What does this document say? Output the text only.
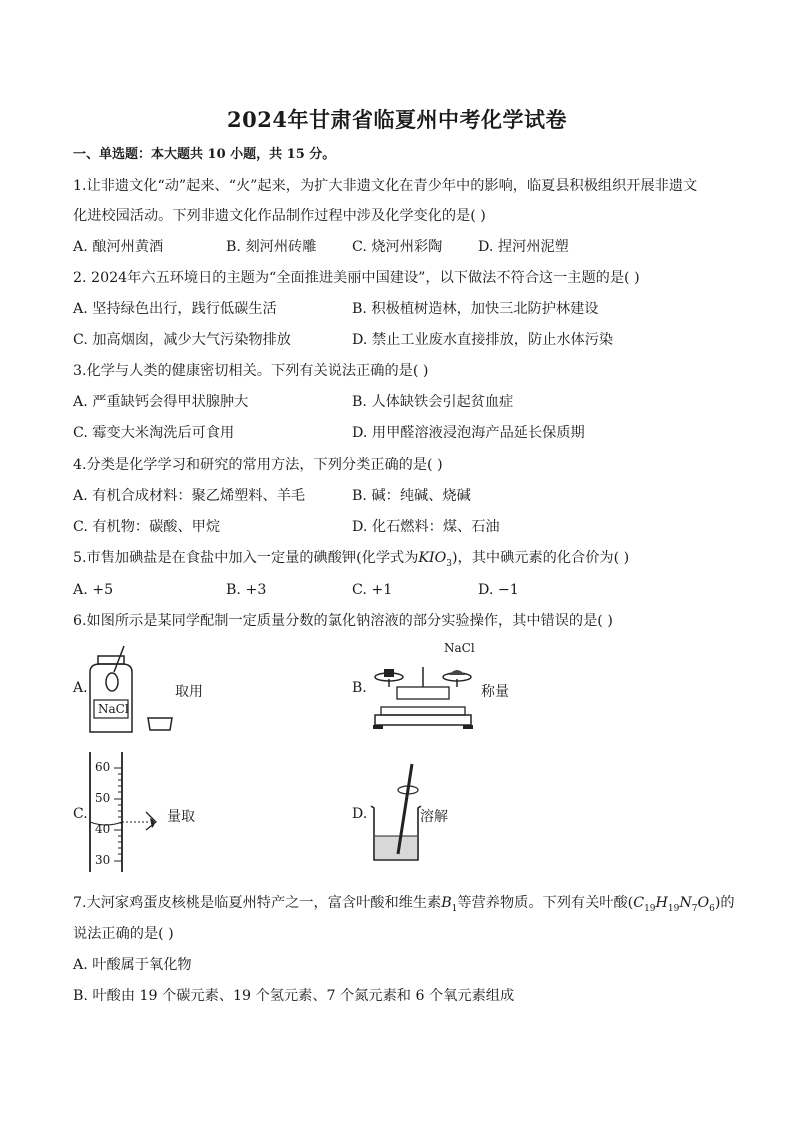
2024年甘肃省临夏州中考化学试卷
一、单选题：本大题共 10 小题，共 15 分。
1.让非遗文化“动”起来、“火”起来，为扩大非遗文化在青少年中的影响，临夏县积极组织开展非遗文
化进校园活动。下列非遗文化作品制作过程中涉及化学变化的是( )
A. 酿河州黄酒	B. 刻河州砖雕	C. 烧河州彩陶	D. 捏河州泥塑
2. 2024年六五环境日的主题为“全面推进美丽中国建设”，以下做法不符合这一主题的是( )
A. 坚持绿色出行，践行低碳生活	B. 积极植树造林，加快三北防护林建设
C. 加高烟囱，减少大气污染物排放	D. 禁止工业废水直接排放，防止水体污染
3.化学与人类的健康密切相关。下列有关说法正确的是( )
A. 严重缺钙会得甲状腺肿大	B. 人体缺铁会引起贫血症
C. 霉变大米淘洗后可食用	D. 用甲醛溶液浸泡海产品延长保质期
4.分类是化学学习和研究的常用方法，下列分类正确的是( )
A. 有机合成材料：聚乙烯塑料、羊毛	B. 碱：纯碱、烧碱
C. 有机物：碳酸、甲烷	D. 化石燃料：煤、石油
5.市售加碘盐是在食盐中加入一定量的碘酸钾(化学式为$KIO_3$)，其中碘元素的化合价为( )
A. +5	B. +3	C. +1	D. −1
6.如图所示是某同学配制一定质量分数的氯化钠溶液的部分实验操作，其中错误的是( )
A.
NaCl
取用	B.
NaCl
称量
C.
60
50
40
30
量取	D.	溶解
7.大河家鸡蛋皮核桃是临夏州特产之一，富含叶酸和维生素$B_1$等营养物质。下列有关叶酸$(C_{19}H_{19}N_7O_6)$的
说法正确的是( )
A. 叶酸属于氧化物
B. 叶酸由 19 个碳元素、19 个氢元素、7 个氮元素和 6 个氧元素组成
